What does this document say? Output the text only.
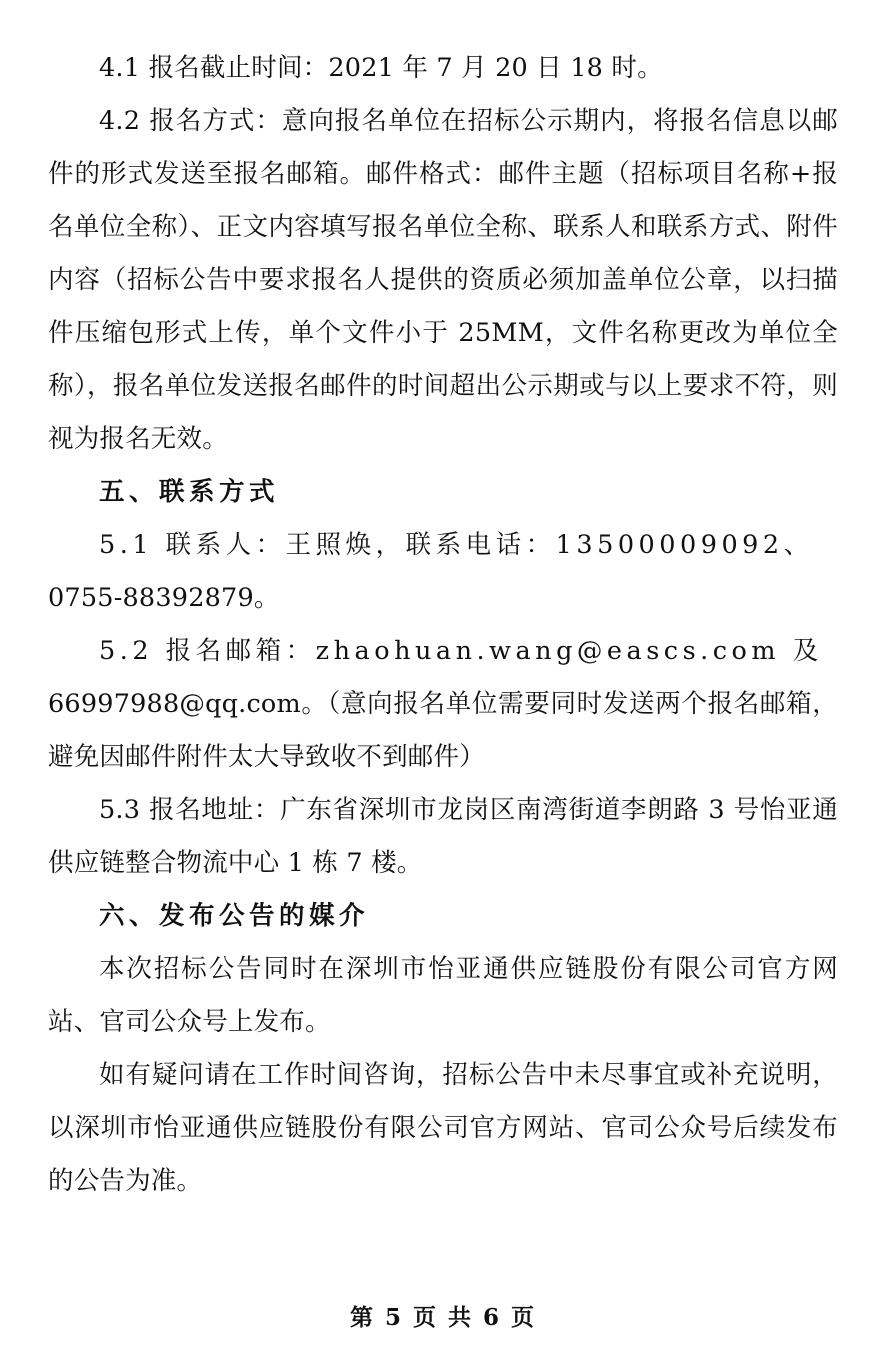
4.1 报名截止时间：2021 年 7 月 20 日 18 时。

4.2 报名方式：意向报名单位在招标公示期内，将报名信息以邮件的形式发送至报名邮箱。邮件格式：邮件主题（招标项目名称+报名单位全称）、正文内容填写报名单位全称、联系人和联系方式、附件内容（招标公告中要求报名人提供的资质必须加盖单位公章，以扫描件压缩包形式上传，单个文件小于 25MM，文件名称更改为单位全称），报名单位发送报名邮件的时间超出公示期或与以上要求不符，则视为报名无效。

五、联系方式

5.1 联系人：王照焕，联系电话：13500009092、

0755-88392879。

5.2 报名邮箱：zhaohuan.wang@eascs.com 及

66997988@qq.com。（意向报名单位需要同时发送两个报名邮箱，避免因邮件附件太大导致收不到邮件）

5.3 报名地址：广东省深圳市龙岗区南湾街道李朗路 3 号怡亚通供应链整合物流中心 1 栋 7 楼。

六、发布公告的媒介

本次招标公告同时在深圳市怡亚通供应链股份有限公司官方网站、官司公众号上发布。

如有疑问请在工作时间咨询，招标公告中未尽事宜或补充说明，以深圳市怡亚通供应链股份有限公司官方网站、官司公众号后续发布的公告为准。

第 5 页 共 6 页
